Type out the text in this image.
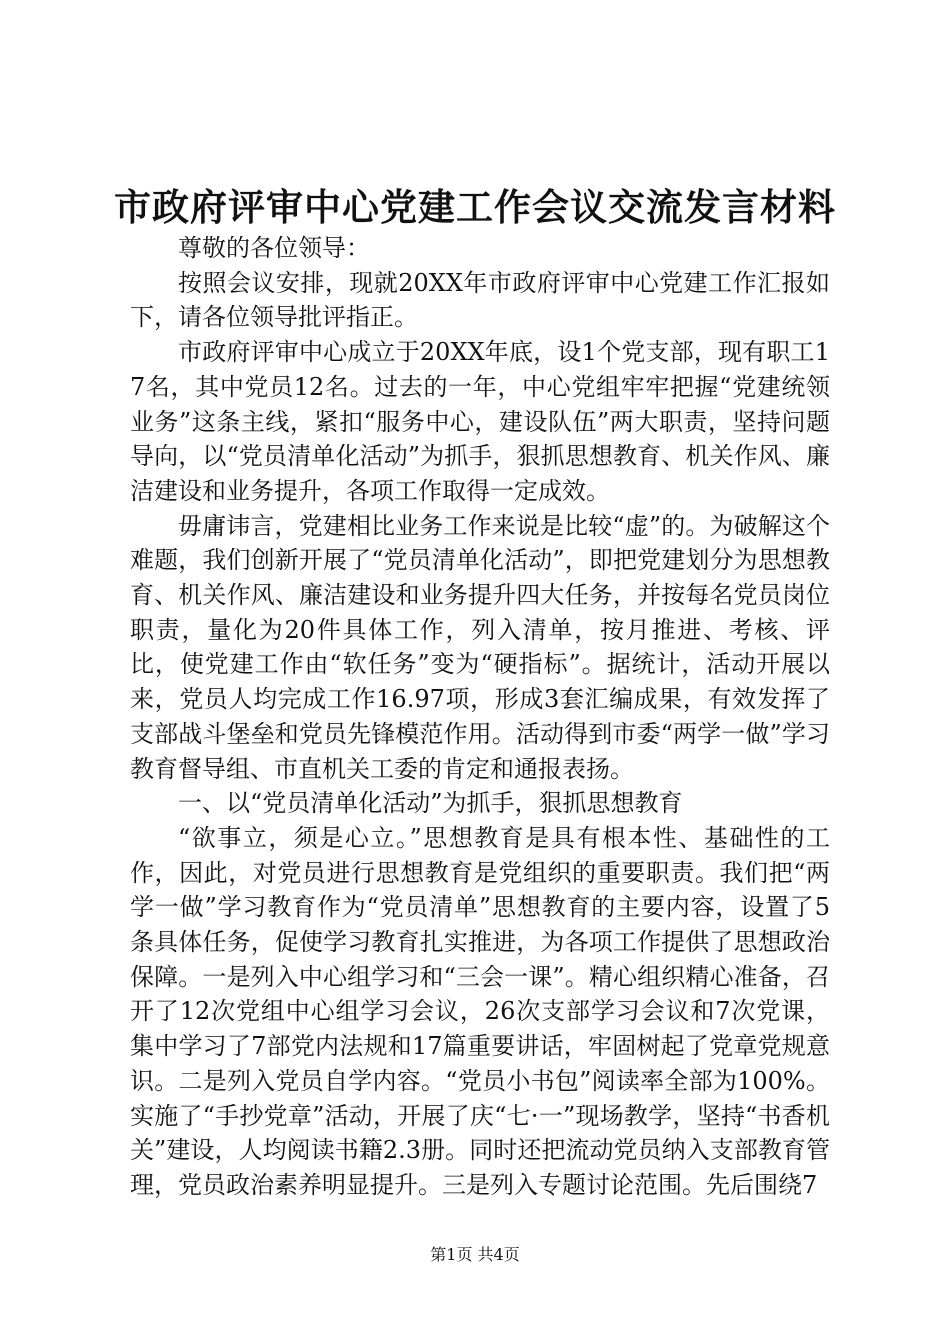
市政府评审中心党建工作会议交流发言材料

尊敬的各位领导：

按照会议安排，现就20XX年市政府评审中心党建工作汇报如下，请各位领导批评指正。

市政府评审中心成立于20XX年底，设1个党支部，现有职工17名，其中党员12名。过去的一年，中心党组牢牢把握“党建统领业务”这条主线，紧扣“服务中心，建设队伍”两大职责，坚持问题导向，以“党员清单化活动”为抓手，狠抓思想教育、机关作风、廉洁建设和业务提升，各项工作取得一定成效。

毋庸讳言，党建相比业务工作来说是比较“虚”的。为破解这个难题，我们创新开展了“党员清单化活动”，即把党建划分为思想教育、机关作风、廉洁建设和业务提升四大任务，并按每名党员岗位职责，量化为20件具体工作，列入清单，按月推进、考核、评比，使党建工作由“软任务”变为“硬指标”。据统计，活动开展以来，党员人均完成工作16.97项，形成3套汇编成果，有效发挥了支部战斗堡垒和党员先锋模范作用。活动得到市委“两学一做”学习教育督导组、市直机关工委的肯定和通报表扬。

一、以“党员清单化活动”为抓手，狠抓思想教育

“欲事立，须是心立。”思想教育是具有根本性、基础性的工作，因此，对党员进行思想教育是党组织的重要职责。我们把“两学一做”学习教育作为“党员清单”思想教育的主要内容，设置了5条具体任务，促使学习教育扎实推进，为各项工作提供了思想政治保障。一是列入中心组学习和“三会一课”。精心组织精心准备，召开了12次党组中心组学习会议，26次支部学习会议和7次党课，集中学习了7部党内法规和17篇重要讲话，牢固树起了党章党规意识。二是列入党员自学内容。“党员小书包”阅读率全部为100%。实施了“手抄党章”活动，开展了庆“七·一”现场教学，坚持“书香机关”建设，人均阅读书籍2.3册。同时还把流动党员纳入支部教育管理，党员政治素养明显提升。三是列入专题讨论范围。先后围绕7

第1页 共4页
